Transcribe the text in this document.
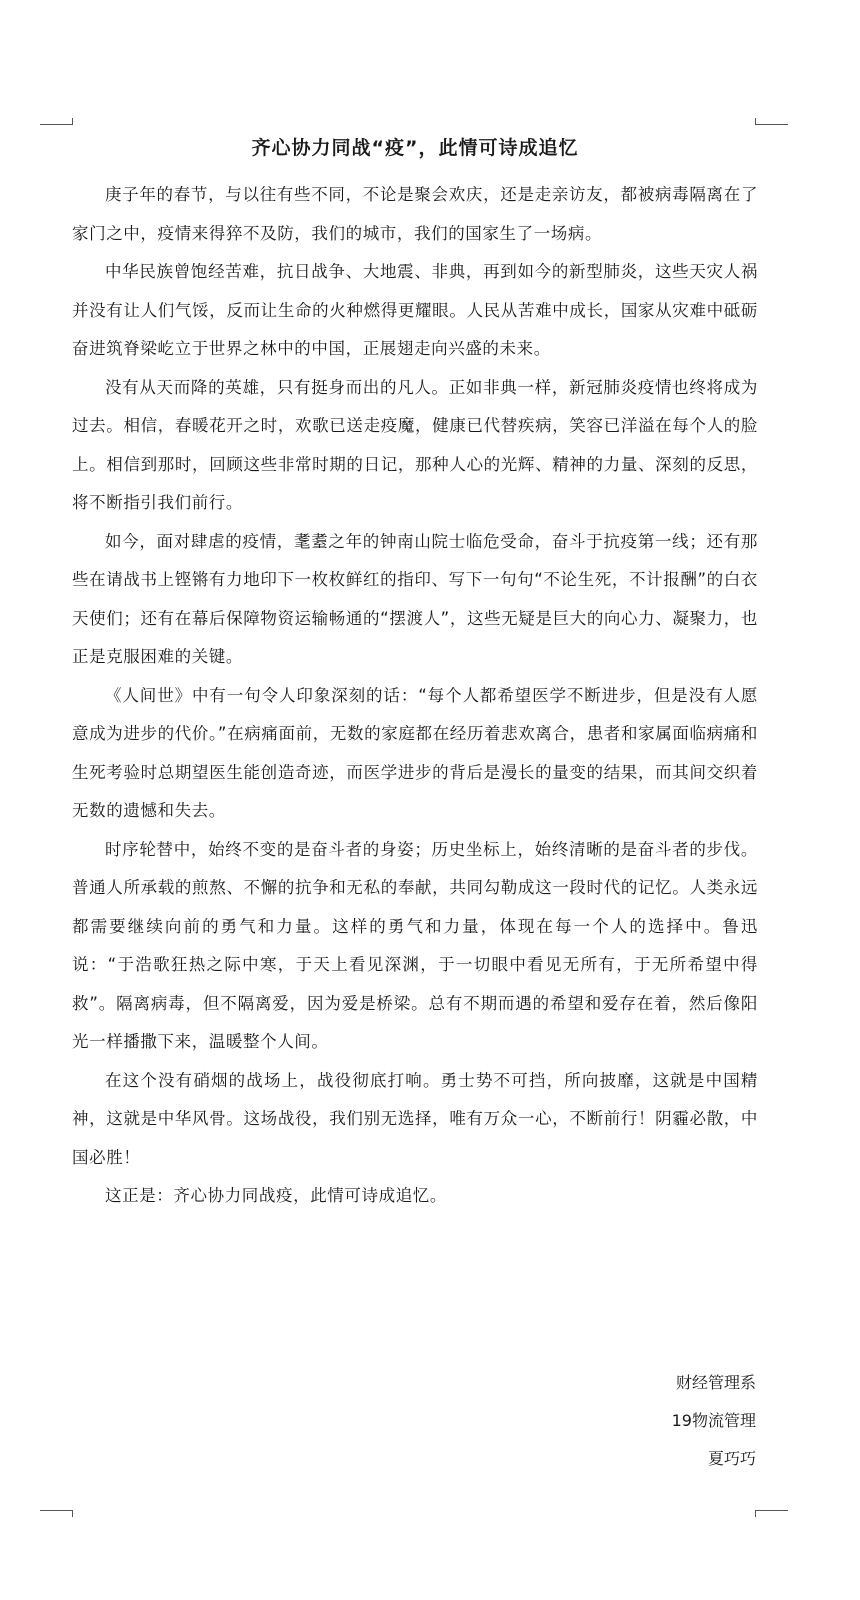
齐心协力同战“疫”，此情可诗成追忆

庚子年的春节，与以往有些不同，不论是聚会欢庆，还是走亲访友，都被病毒隔离在了家门之中，疫情来得猝不及防，我们的城市，我们的国家生了一场病。

中华民族曾饱经苦难，抗日战争、大地震、非典，再到如今的新型肺炎，这些天灾人祸并没有让人们气馁，反而让生命的火种燃得更耀眼。人民从苦难中成长，国家从灾难中砥砺奋进筑脊梁屹立于世界之林中的中国，正展翅走向兴盛的未来。

没有从天而降的英雄，只有挺身而出的凡人。正如非典一样，新冠肺炎疫情也终将成为过去。相信，春暖花开之时，欢歌已送走疫魔，健康已代替疾病，笑容已洋溢在每个人的脸上。相信到那时，回顾这些非常时期的日记，那种人心的光辉、精神的力量、深刻的反思，将不断指引我们前行。

如今，面对肆虐的疫情，耄耋之年的钟南山院士临危受命，奋斗于抗疫第一线；还有那些在请战书上铿锵有力地印下一枚枚鲜红的指印、写下一句句“不论生死，不计报酬”的白衣天使们；还有在幕后保障物资运输畅通的“摆渡人”，这些无疑是巨大的向心力、凝聚力，也正是克服困难的关键。

《人间世》中有一句令人印象深刻的话：“每个人都希望医学不断进步，但是没有人愿意成为进步的代价。”在病痛面前，无数的家庭都在经历着悲欢离合，患者和家属面临病痛和生死考验时总期望医生能创造奇迹，而医学进步的背后是漫长的量变的结果，而其间交织着无数的遗憾和失去。

时序轮替中，始终不变的是奋斗者的身姿；历史坐标上，始终清晰的是奋斗者的步伐。普通人所承载的煎熬、不懈的抗争和无私的奉献，共同勾勒成这一段时代的记忆。人类永远都需要继续向前的勇气和力量。这样的勇气和力量，体现在每一个人的选择中。鲁迅说：“于浩歌狂热之际中寒，于天上看见深渊，于一切眼中看见无所有，于无所希望中得救”。隔离病毒，但不隔离爱，因为爱是桥梁。总有不期而遇的希望和爱存在着，然后像阳光一样播撒下来，温暖整个人间。

在这个没有硝烟的战场上，战役彻底打响。勇士势不可挡，所向披靡，这就是中国精神，这就是中华风骨。这场战役，我们别无选择，唯有万众一心，不断前行！阴霾必散，中国必胜！

这正是：齐心协力同战疫，此情可诗成追忆。

财经管理系
19物流管理
夏巧巧
